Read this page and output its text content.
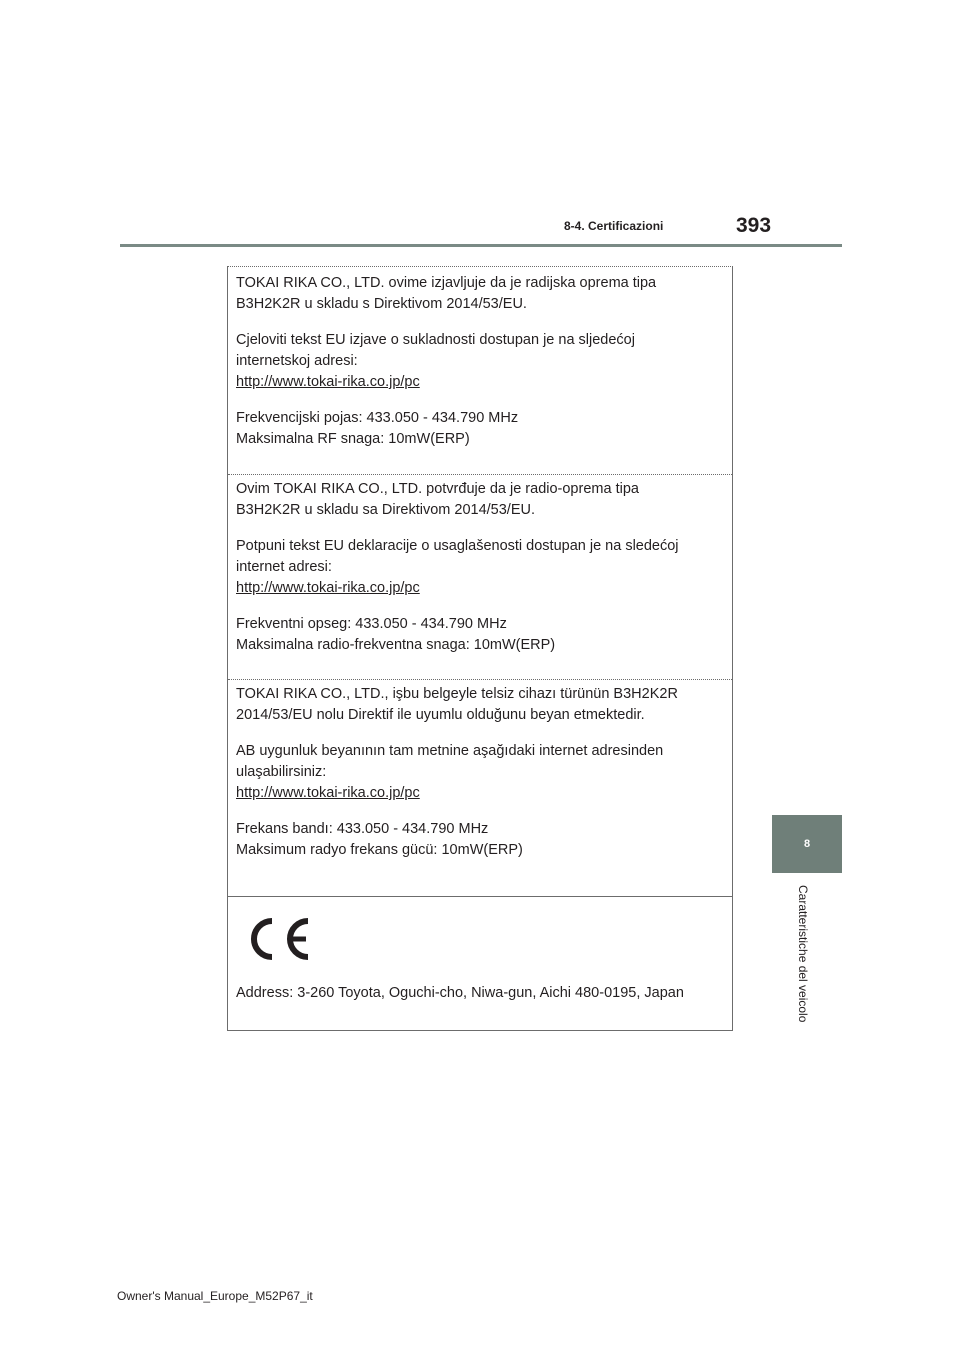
8-4. Certificazioni	393
8
Caratteristiche del veicolo

TOKAI RIKA CO., LTD. ovime izjavljuje da je radijska oprema tipa

B3H2K2R u skladu s Direktivom 2014/53/EU.

Cjeloviti tekst EU izjave o sukladnosti dostupan je na sljedećoj

internetskoj adresi:

http://www.tokai-rika.co.jp/pc

Frekvencijski pojas: 433.050 - 434.790 MHz

Maksimalna RF snaga: 10mW(ERP)

Ovim TOKAI RIKA CO., LTD. potvrđuje da je radio-oprema tipa

B3H2K2R u skladu sa Direktivom 2014/53/EU.

Potpuni tekst EU deklaracije o usaglašenosti dostupan je na sledećoj

internet adresi:

http://www.tokai-rika.co.jp/pc

Frekventni opseg: 433.050 - 434.790 MHz

Maksimalna radio-frekventna snaga: 10mW(ERP)

TOKAI RIKA CO., LTD., işbu belgeyle telsiz cihazı türünün B3H2K2R

2014/53/EU nolu Direktif ile uyumlu olduğunu beyan etmektedir.

AB uygunluk beyanının tam metnine aşağıdaki internet adresinden

ulaşabilirsiniz:

http://www.tokai-rika.co.jp/pc

Frekans bandı: 433.050 - 434.790 MHz

Maksimum radyo frekans gücü: 10mW(ERP)

Address: 3-260 Toyota, Oguchi-cho, Niwa-gun, Aichi 480-0195, Japan
Owner's Manual_Europe_M52P67_it
